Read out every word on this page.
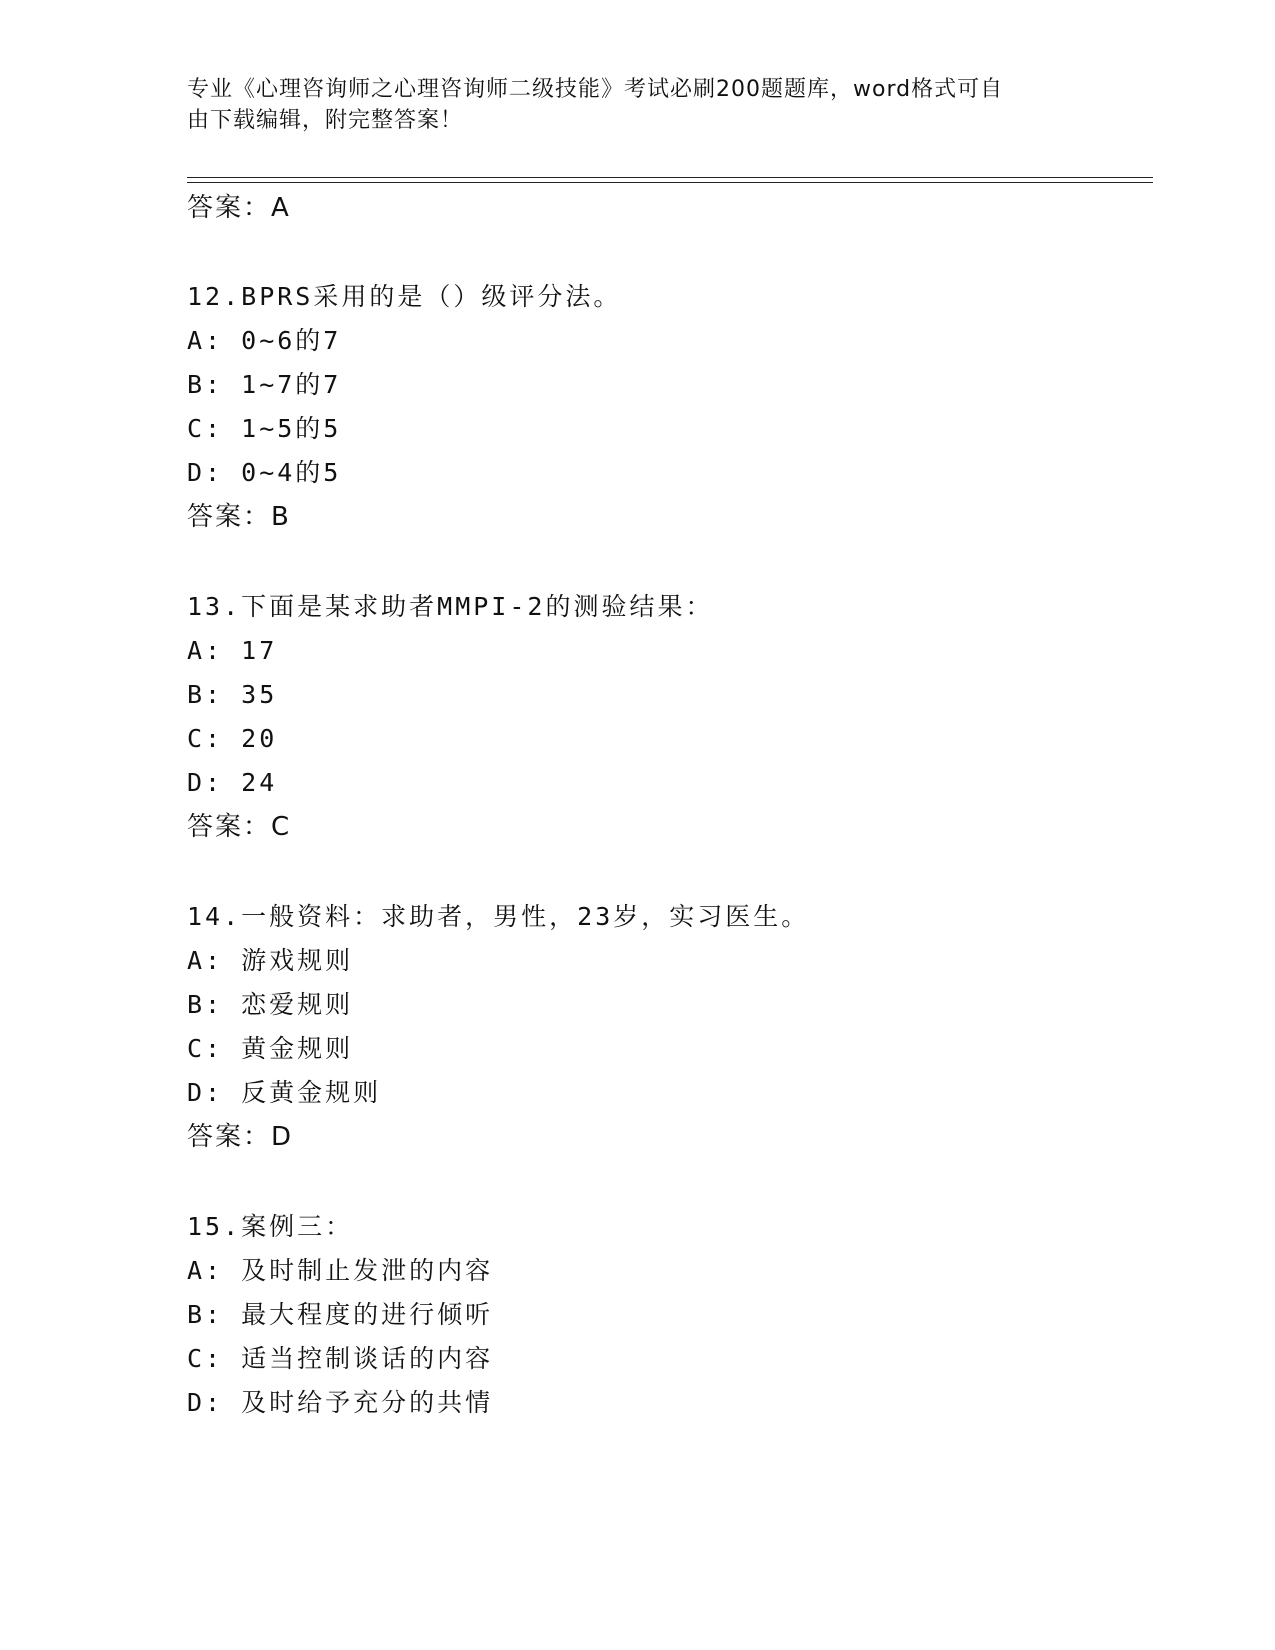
专业《心理咨询师之心理咨询师二级技能》考试必刷200题题库，word格式可自
由下载编辑，附完整答案！
答案：A
12.BPRS采用的是（）级评分法。
A: 0~6的7
B: 1~7的7
C: 1~5的5
D: 0~4的5
答案：B
13.下面是某求助者MMPI-2的测验结果：
A: 17
B: 35
C: 20
D: 24
答案：C
14.一般资料：求助者，男性，23岁，实习医生。
A: 游戏规则
B: 恋爱规则
C: 黄金规则
D: 反黄金规则
答案：D
15.案例三：
A: 及时制止发泄的内容
B: 最大程度的进行倾听
C: 适当控制谈话的内容
D: 及时给予充分的共情
